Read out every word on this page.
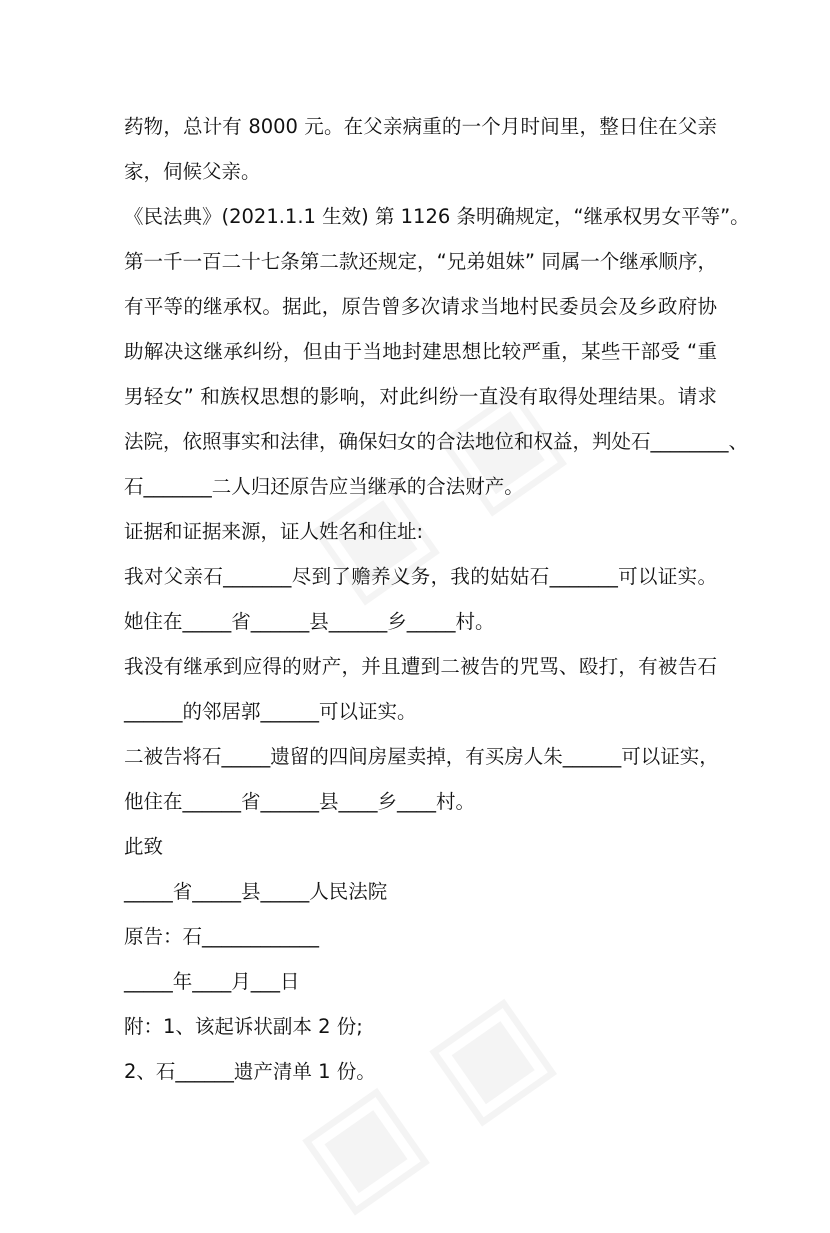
药物，总计有 8000 元。在父亲病重的一个月时间里，整日住在父亲
家，伺候父亲。
《民法典》(2021.1.1 生效) 第 1126 条明确规定，“继承权男女平等”。
第一千一百二十七条第二款还规定，“兄弟姐妹” 同属一个继承顺序，
有平等的继承权。据此，原告曾多次请求当地村民委员会及乡政府协
助解决这继承纠纷，但由于当地封建思想比较严重，某些干部受 “重
男轻女” 和族权思想的影响，对此纠纷一直没有取得处理结果。请求
法院，依照事实和法律，确保妇女的合法地位和权益，判处石________、
石_______二人归还原告应当继承的合法财产。
证据和证据来源，证人姓名和住址:
我对父亲石_______尽到了赡养义务，我的姑姑石_______可以证实。
她住在_____省______县______乡_____村。
我没有继承到应得的财产，并且遭到二被告的咒骂、殴打，有被告石
______的邻居郭______可以证实。
二被告将石_____遗留的四间房屋卖掉，有买房人朱______可以证实，
他住在______省______县____乡____村。
此致
_____省_____县_____人民法院
原告：石____________
_____年____月___日
附：1、该起诉状副本 2 份;
2、石______遗产清单 1 份。
